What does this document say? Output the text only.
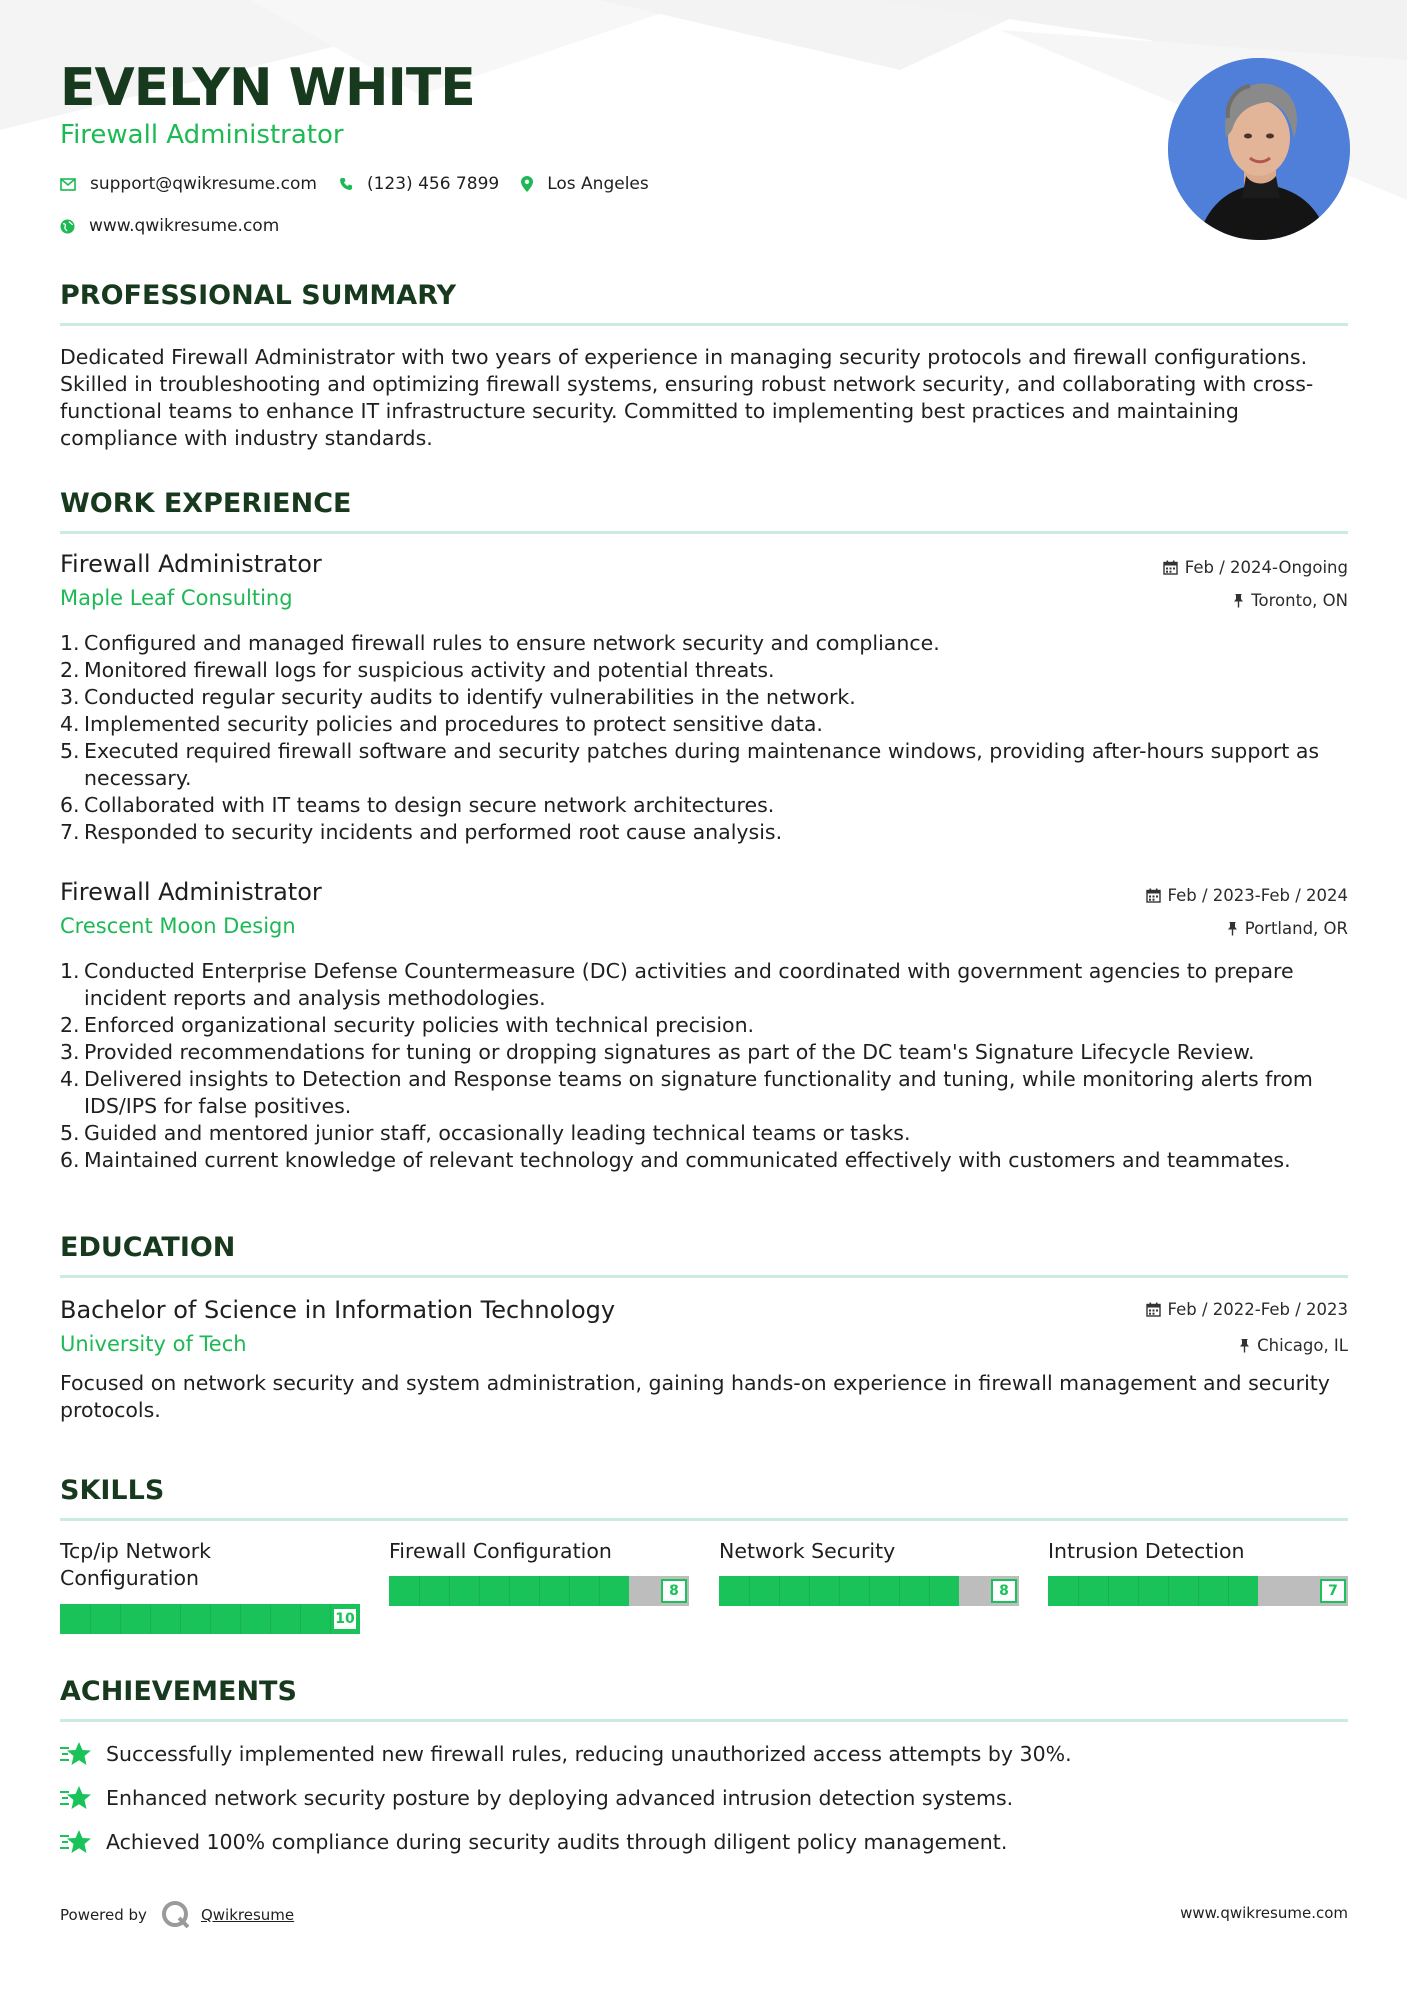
EVELYN WHITE
Firewall Administrator
support@qwikresume.com	(123) 456 7899	Los Angeles
www.qwikresume.com
PROFESSIONAL SUMMARY

Dedicated Firewall Administrator with two years of experience in managing security protocols and firewall configurations. Skilled in troubleshooting and optimizing firewall systems, ensuring robust network security, and collaborating with cross-functional teams to enhance IT infrastructure security. Committed to implementing best practices and maintaining compliance with industry standards.

WORK EXPERIENCE
Firewall Administrator
Maple Leaf Consulting
Feb / 2024-Ongoing
Toronto, ON
1. Configured and managed firewall rules to ensure network security and compliance.
2. Monitored firewall logs for suspicious activity and potential threats.
3. Conducted regular security audits to identify vulnerabilities in the network.
4. Implemented security policies and procedures to protect sensitive data.
5. Executed required firewall software and security patches during maintenance windows, providing after-hours support as necessary.
6. Collaborated with IT teams to design secure network architectures.
7. Responded to security incidents and performed root cause analysis.
Firewall Administrator
Crescent Moon Design
Feb / 2023-Feb / 2024
Portland, OR
1. Conducted Enterprise Defense Countermeasure (DC) activities and coordinated with government agencies to prepare incident reports and analysis methodologies.
2. Enforced organizational security policies with technical precision.
3. Provided recommendations for tuning or dropping signatures as part of the DC team's Signature Lifecycle Review.
4. Delivered insights to Detection and Response teams on signature functionality and tuning, while monitoring alerts from IDS/IPS for false positives.
5. Guided and mentored junior staff, occasionally leading technical teams or tasks.
6. Maintained current knowledge of relevant technology and communicated effectively with customers and teammates.
EDUCATION
Bachelor of Science in Information Technology
University of Tech
Feb / 2022-Feb / 2023
Chicago, IL

Focused on network security and system administration, gaining hands-on experience in firewall management and security protocols.

SKILLS
Tcp/ip Network Configuration
10
Firewall Configuration
8
Network Security
8
Intrusion Detection
7
ACHIEVEMENTS
Successfully implemented new firewall rules, reducing unauthorized access attempts by 30%.
Enhanced network security posture by deploying advanced intrusion detection systems.
Achieved 100% compliance during security audits through diligent policy management.
Powered by	Qwikresume	www.qwikresume.com
